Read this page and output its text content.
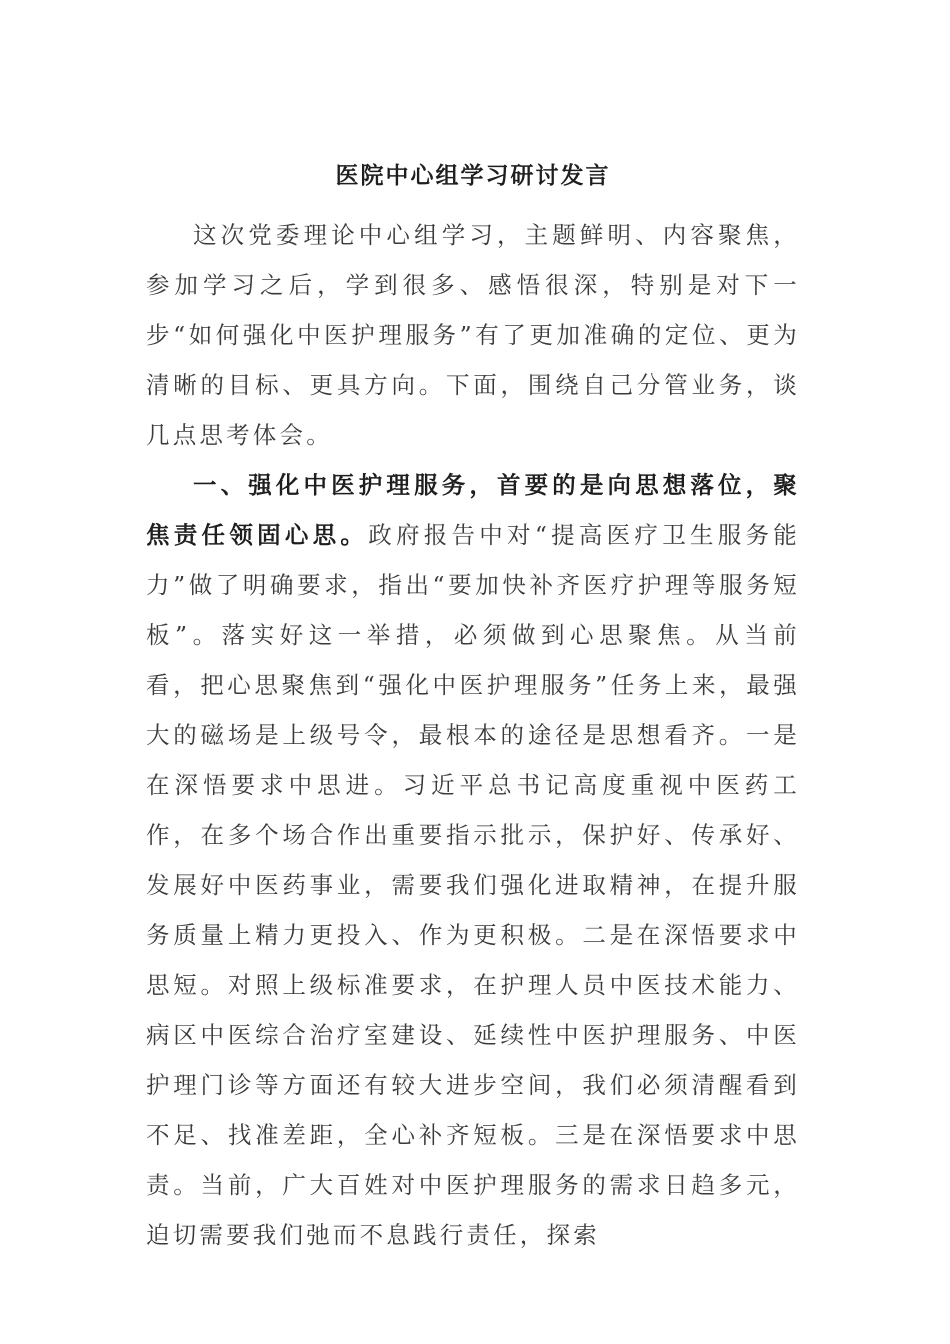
医院中心组学习研讨发言

这次党委理论中心组学习，主题鲜明、内容聚焦，参加学习之后，学到很多、感悟很深，特别是对下一步“如何强化中医护理服务”有了更加准确的定位、更为清晰的目标、更具方向。下面，围绕自己分管业务，谈几点思考体会。

一、强化中医护理服务，首要的是向思想落位，聚焦责任领固心思。政府报告中对“提高医疗卫生服务能力”做了明确要求，指出“要加快补齐医疗护理等服务短板”。落实好这一举措，必须做到心思聚焦。从当前看，把心思聚焦到“强化中医护理服务”任务上来，最强大的磁场是上级号令，最根本的途径是思想看齐。一是在深悟要求中思进。习近平总书记高度重视中医药工作，在多个场合作出重要指示批示，保护好、传承好、发展好中医药事业，需要我们强化进取精神，在提升服务质量上精力更投入、作为更积极。二是在深悟要求中思短。对照上级标准要求，在护理人员中医技术能力、病区中医综合治疗室建设、延续性中医护理服务、中医护理门诊等方面还有较大进步空间，我们必须清醒看到不足、找准差距，全心补齐短板。三是在深悟要求中思责。当前，广大百姓对中医护理服务的需求日趋多元，迫切需要我们弛而不息践行责任，探索
